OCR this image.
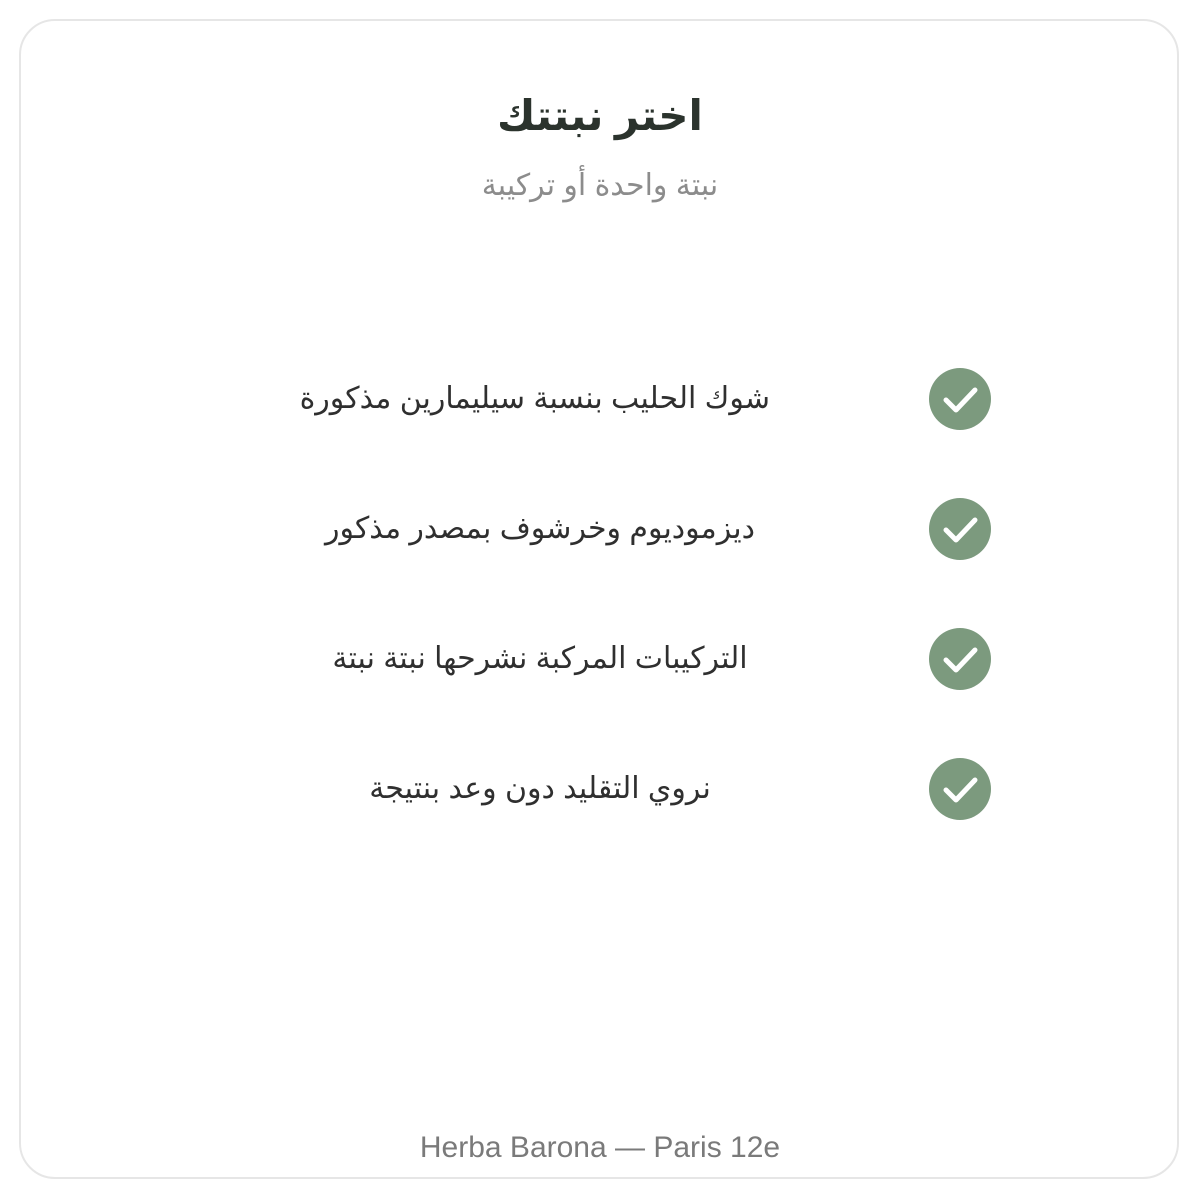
اختر نبتتك
نبتة واحدة أو تركيبة
شوك الحليب بنسبة سيليمارين مذكورة
ديزموديوم وخرشوف بمصدر مذكور
التركيبات المركبة نشرحها نبتة نبتة
نروي التقليد دون وعد بنتيجة
Herba Barona — Paris 12e
